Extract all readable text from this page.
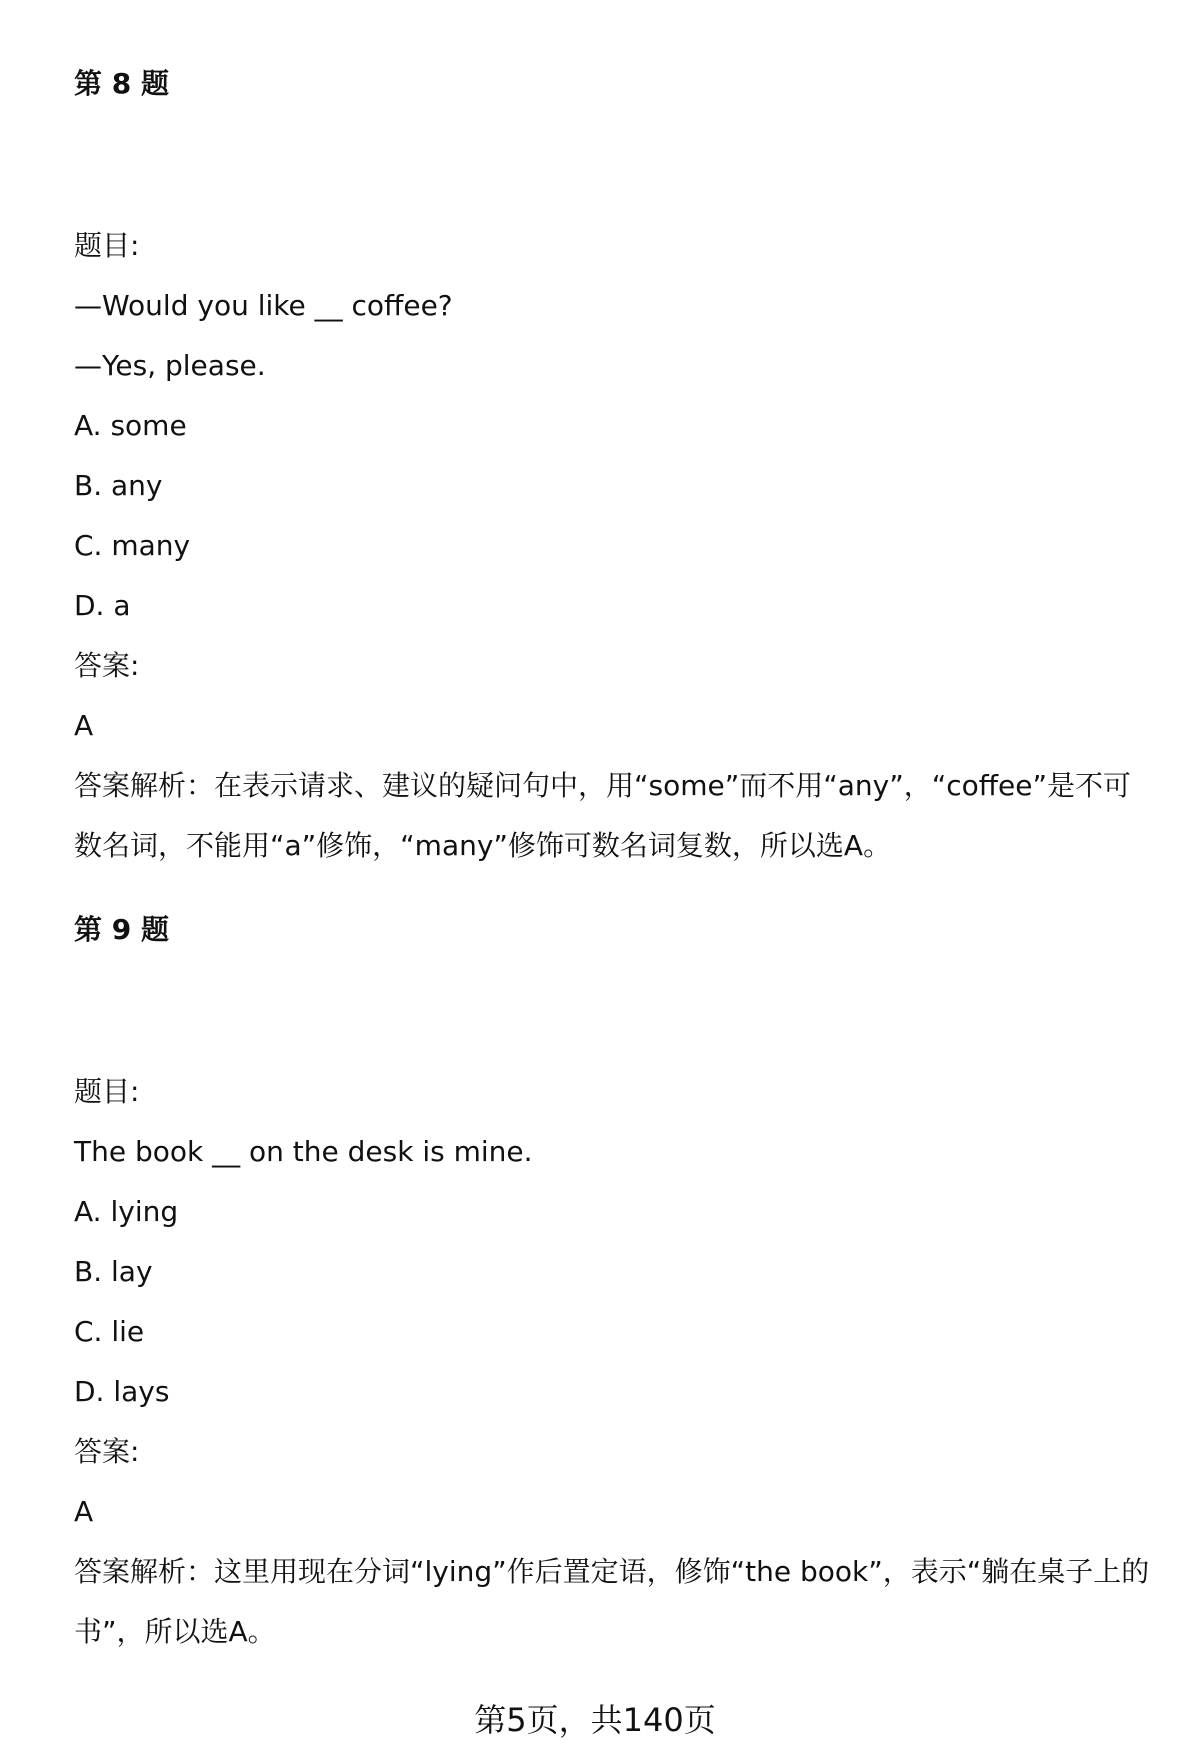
第 8 题
题目:
—Would you like __ coffee?
—Yes, please.
A. some
B. any
C. many
D. a
答案:
A
答案解析：在表示请求、建议的疑问句中，用“some”而不用“any”，“coffee”是不可数名词，不能用“a”修饰，“many”修饰可数名词复数，所以选A。
第 9 题
题目:
The book __ on the desk is mine.
A. lying
B. lay
C. lie
D. lays
答案:
A
答案解析：这里用现在分词“lying”作后置定语，修饰“the book”，表示“躺在桌子上的书”，所以选A。
第5页，共140页
